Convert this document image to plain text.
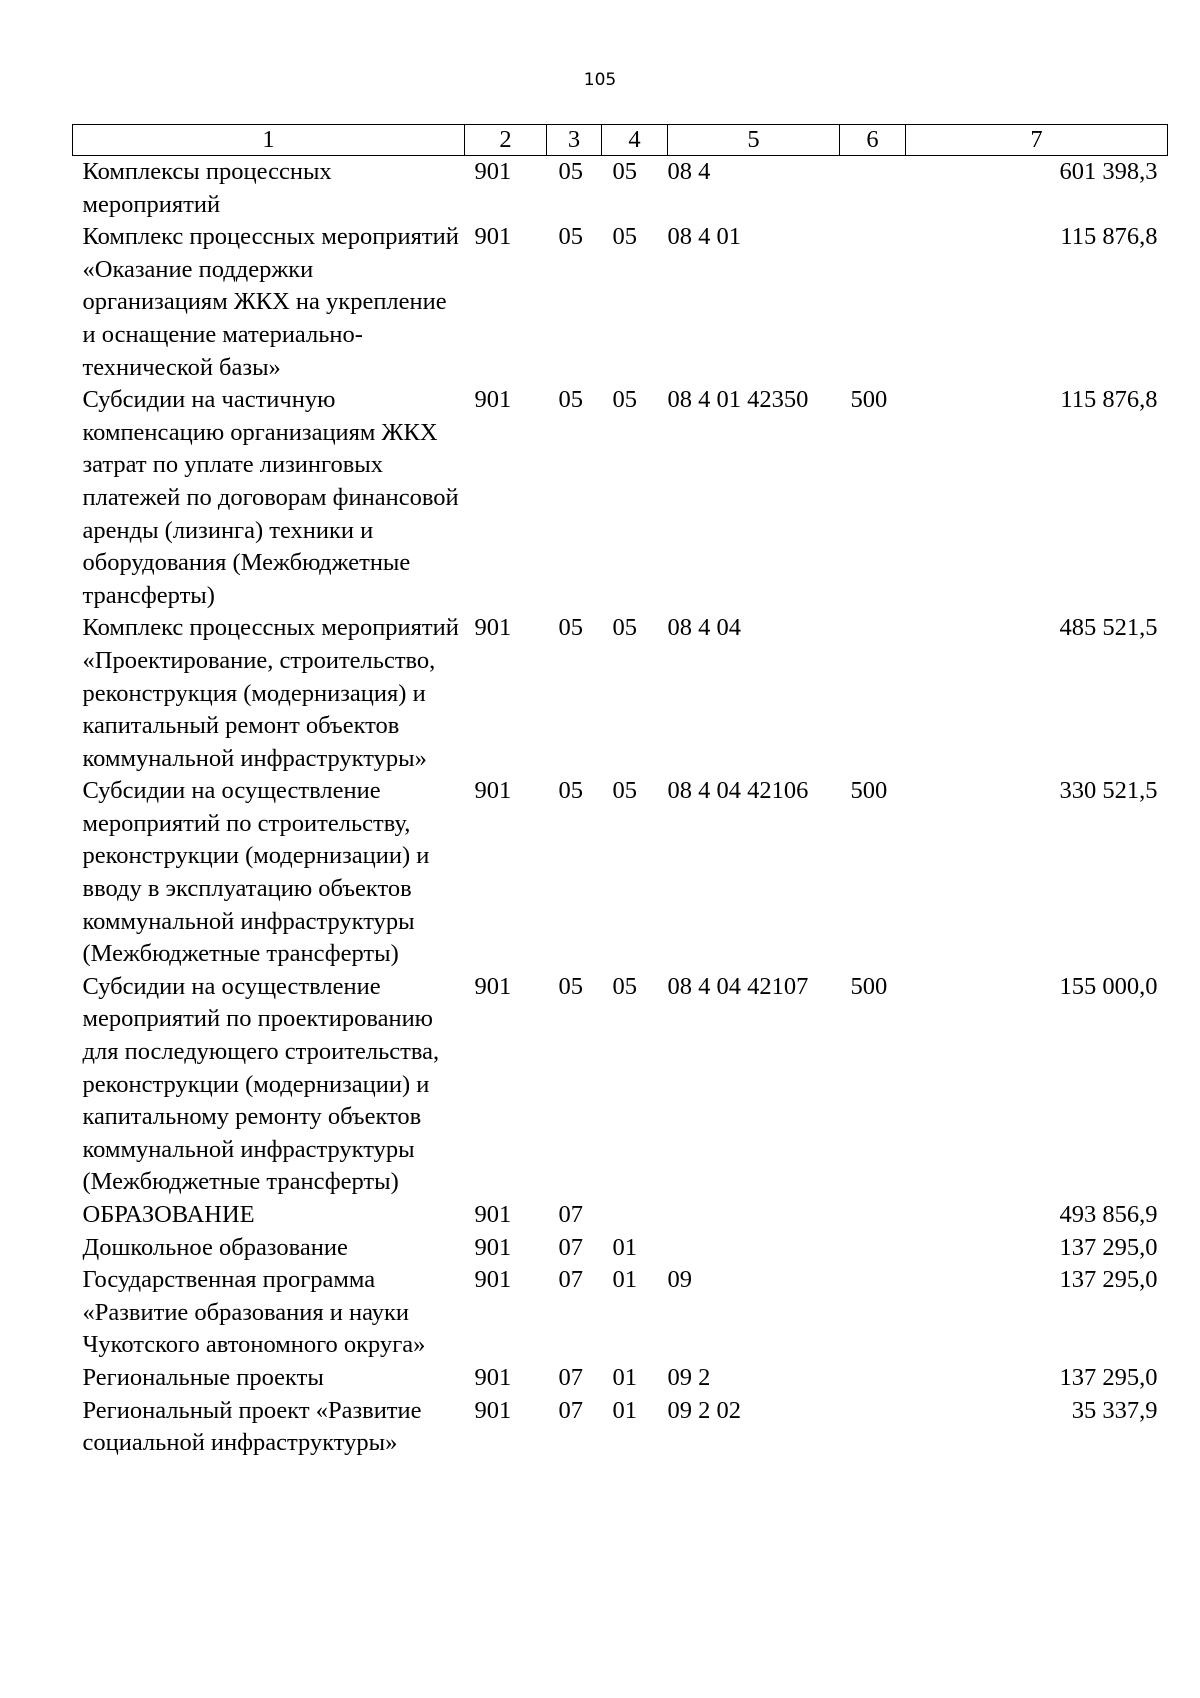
105
1	2	3	4	5	6	7
Комплексы процессных мероприятий	901	05	05	08 4		601 398,3
Комплекс процессных мероприятий «Оказание поддержки организациям ЖКХ на укрепление и оснащение материально-технической базы»	901	05	05	08 4 01		115 876,8
Субсидии на частичную компенсацию организациям ЖКХ затрат по уплате лизинговых платежей по договорам финансовой аренды (лизинга) техники и оборудования (Межбюджетные трансферты)	901	05	05	08 4 01 42350	500	115 876,8
Комплекс процессных мероприятий «Проектирование, строительство, реконструкция (модернизация) и капитальный ремонт объектов коммунальной инфраструктуры»	901	05	05	08 4 04		485 521,5
Субсидии на осуществление мероприятий по строительству, реконструкции (модернизации) и вводу в эксплуатацию объектов коммунальной инфраструктуры (Межбюджетные трансферты)	901	05	05	08 4 04 42106	500	330 521,5
Субсидии на осуществление мероприятий по проектированию для последующего строительства, реконструкции (модернизации) и капитальному ремонту объектов коммунальной инфраструктуры (Межбюджетные трансферты)	901	05	05	08 4 04 42107	500	155 000,0
ОБРАЗОВАНИЕ	901	07				493 856,9
Дошкольное образование	901	07	01			137 295,0
Государственная программа «Развитие образования и науки Чукотского автономного округа»	901	07	01	09		137 295,0
Региональные проекты	901	07	01	09 2		137 295,0
Региональный проект «Развитие социальной инфраструктуры»	901	07	01	09 2 02		35 337,9
